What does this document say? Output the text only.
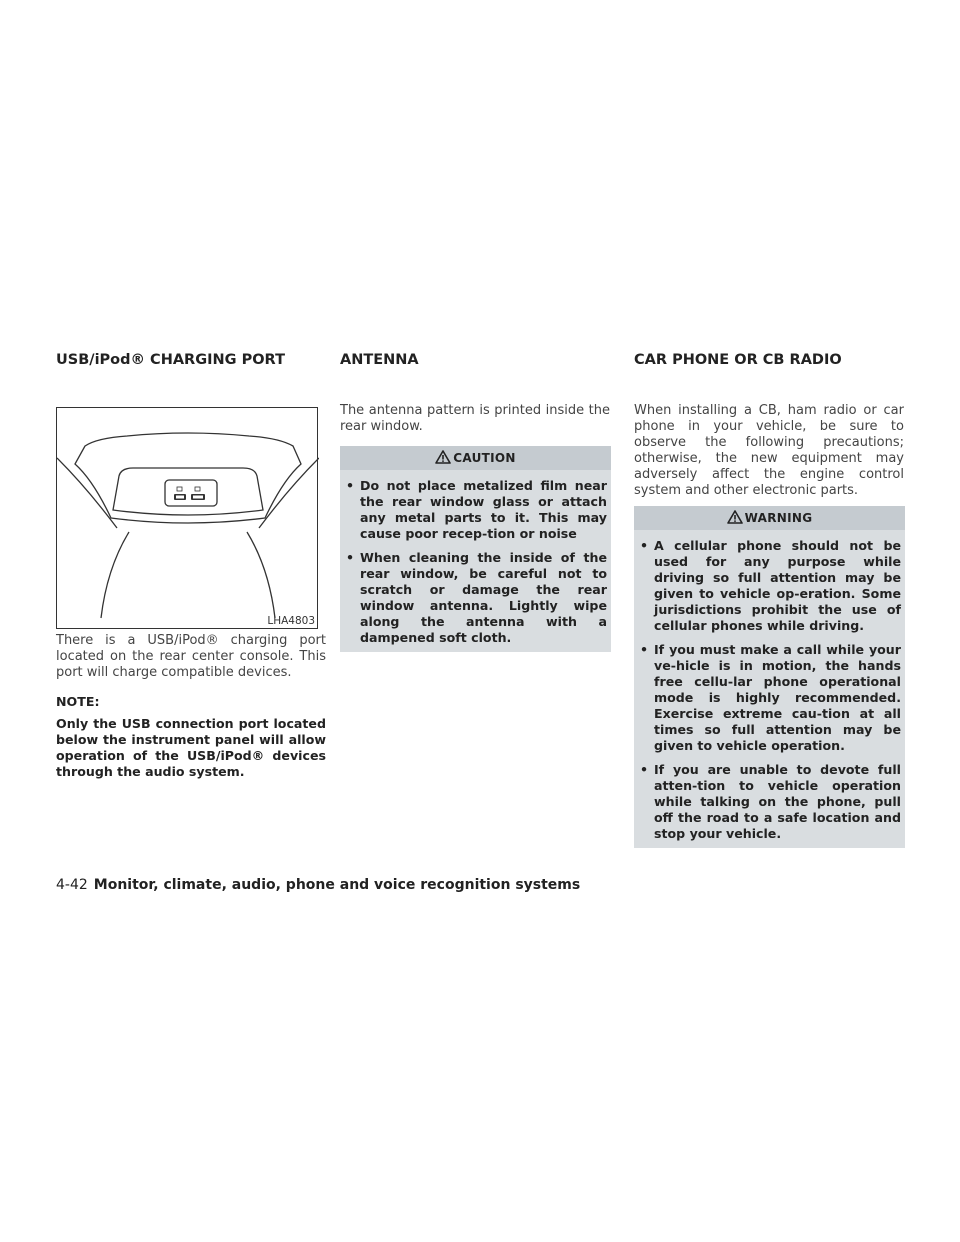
USB/iPod® CHARGING PORT
LHA4803

There is a USB/iPod® charging port located on the rear center console. This port will charge compatible devices.

NOTE:

Only the USB connection port located below the instrument panel will allow operation of the USB/iPod® devices through the audio system.

ANTENNA

The antenna pattern is printed inside the rear window.

CAUTION
• Do not place metalized film near the rear window glass or attach any metal parts to it. This may cause poor recep-tion or noise
• When cleaning the inside of the rear window, be careful not to scratch or damage the rear window antenna. Lightly wipe along the antenna with a dampened soft cloth.
CAR PHONE OR CB RADIO

When installing a CB, ham radio or car phone in your vehicle, be sure to observe the following precautions; otherwise, the new equipment may adversely affect the engine control system and other electronic parts.

WARNING
• A cellular phone should not be used for any purpose while driving so full attention may be given to vehicle op-eration. Some jurisdictions prohibit the use of cellular phones while driving.
• If you must make a call while your ve-hicle is in motion, the hands free cellu-lar phone operational mode is highly recommended. Exercise extreme cau-tion at all times so full attention may be given to vehicle operation.
• If you are unable to devote full atten-tion to vehicle operation while talking on the phone, pull off the road to a safe location and stop your vehicle.
4-42 Monitor, climate, audio, phone and voice recognition systems
